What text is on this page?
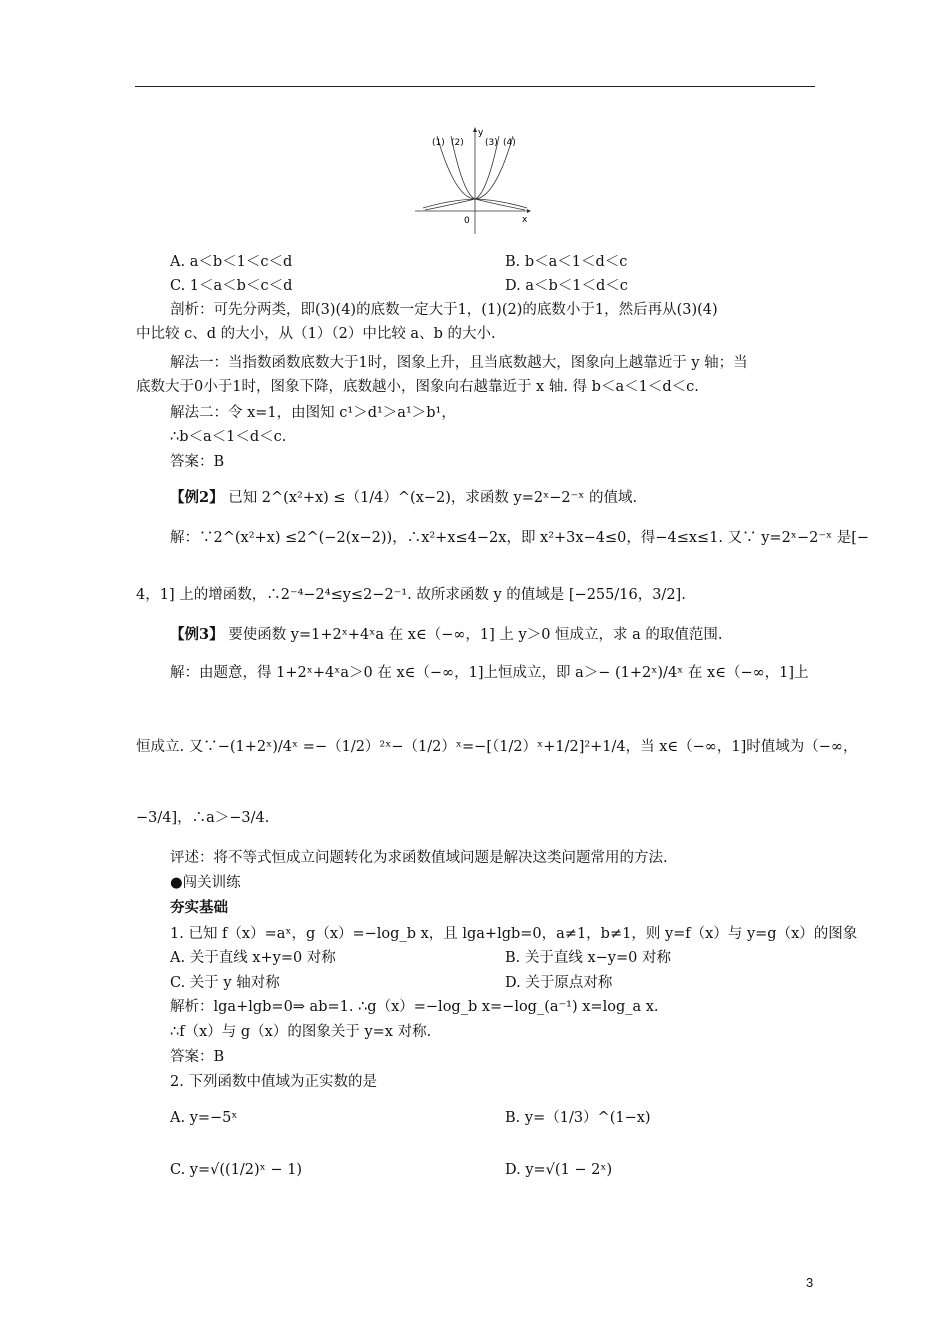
(1) (2) (3) (4)
y
x
0
A. a＜b＜1＜c＜d	B. b＜a＜1＜d＜c
C. 1＜a＜b＜c＜d	D. a＜b＜1＜d＜c
剖析：可先分两类，即(3)(4)的底数一定大于1，(1)(2)的底数小于1，然后再从(3)(4)
中比较 c、d 的大小，从（1）（2）中比较 a、b 的大小.
解法一：当指数函数底数大于1时，图象上升，且当底数越大，图象向上越靠近于 y 轴；当
底数大于0小于1时，图象下降，底数越小，图象向右越靠近于 x 轴. 得 b＜a＜1＜d＜c.
解法二：令 x=1，由图知 c¹＞d¹＞a¹＞b¹，
∴b＜a＜1＜d＜c.
答案：B
【例2】 已知 2^(x²+x) ≤（1/4）^(x−2)，求函数 y=2ˣ−2⁻ˣ 的值域.
解：∵2^(x²+x) ≤2^(−2(x−2))，∴x²+x≤4−2x，即 x²+3x−4≤0，得−4≤x≤1. 又∵ y=2ˣ−2⁻ˣ 是[−
4，1] 上的增函数，∴2⁻⁴−2⁴≤y≤2−2⁻¹. 故所求函数 y 的值域是 [−255/16，3/2].
【例3】 要使函数 y=1+2ˣ+4ˣa 在 x∈（−∞，1] 上 y＞0 恒成立，求 a 的取值范围.
解：由题意，得 1+2ˣ+4ˣa＞0 在 x∈（−∞，1]上恒成立，即 a＞− (1+2ˣ)/4ˣ 在 x∈（−∞，1]上
恒成立. 又∵−(1+2ˣ)/4ˣ =−（1/2）²ˣ−（1/2）ˣ=−[（1/2）ˣ+1/2]²+1/4，当 x∈（−∞，1]时值域为（−∞，
−3/4]，∴a＞−3/4.
评述：将不等式恒成立问题转化为求函数值域问题是解决这类问题常用的方法.
●闯关训练
夯实基础
1. 已知 f（x）=aˣ，g（x）=−log_b x，且 lga+lgb=0，a≠1，b≠1，则 y=f（x）与 y=g（x）的图象
A. 关于直线 x+y=0 对称	B. 关于直线 x−y=0 对称
C. 关于 y 轴对称	D. 关于原点对称
解析：lga+lgb=0⇒ ab=1. ∴g（x）=−log_b x=−log_(a⁻¹) x=log_a x.
∴f（x）与 g（x）的图象关于 y=x 对称.
答案：B
2. 下列函数中值域为正实数的是
A. y=−5ˣ	B. y=（1/3）^(1−x)
C. y=√((1/2)ˣ − 1)	D. y=√(1 − 2ˣ)
3
